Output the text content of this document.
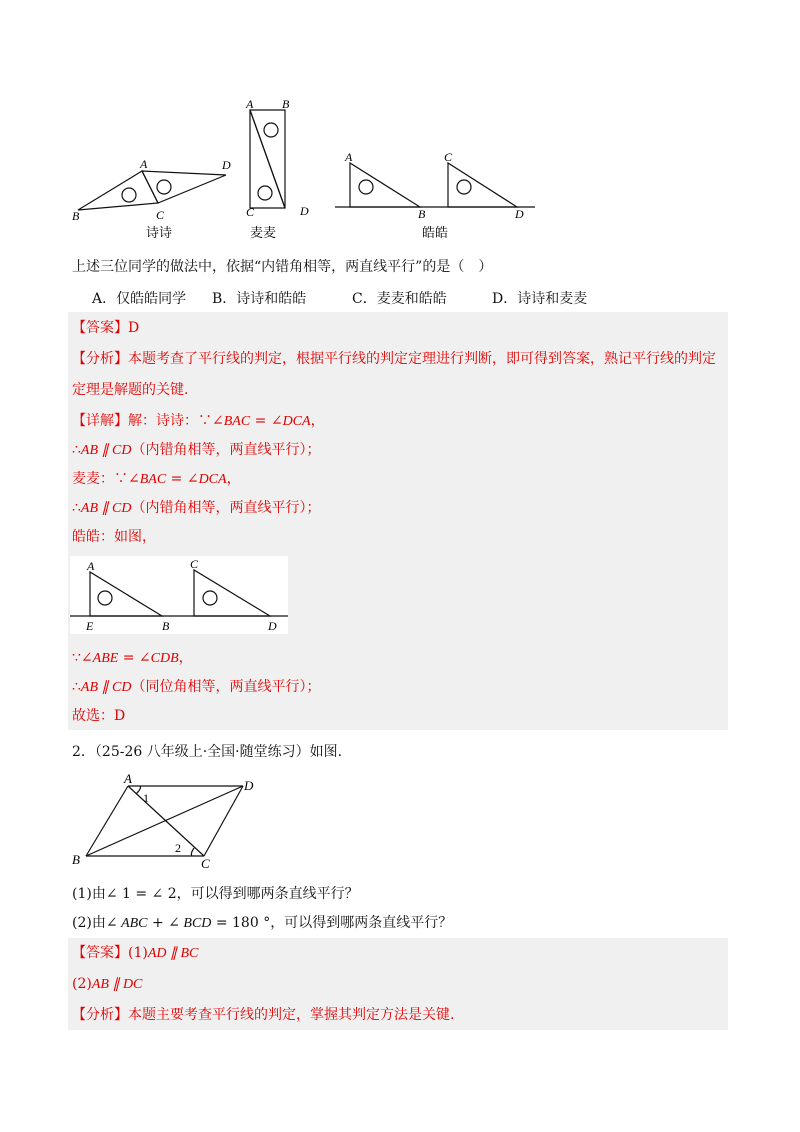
A
B	C
D
诗诗
A B
C	D
麦麦
A
B
C
D
皓皓
上述三位同学的做法中，依据“内错角相等，两直线平行”的是（　）
A．仅皓皓同学 B．诗诗和皓皓	C．麦麦和皓皓	D．诗诗和麦麦
【答案】D
【分析】本题考查了平行线的判定，根据平行线的判定定理进行判断，即可得到答案，熟记平行线的判定
定理是解题的关键.
【详解】解：诗诗：∵∠BAC = ∠DCA，
∴AB ∥ CD（内错角相等，两直线平行）；
麦麦：∵∠BAC = ∠DCA，
∴AB ∥ CD（内错角相等，两直线平行）；
皓皓：如图，
A	C
E	B	D
∵∠ABE = ∠CDB，
∴AB ∥ CD（同位角相等，两直线平行）；
故选：D
2．（25-26 八年级上·全国·随堂练习）如图.
A
B	C
D
1
2
(1)由∠ 1 = ∠ 2，可以得到哪两条直线平行？
(2)由∠ ABC + ∠ BCD = 180 °，可以得到哪两条直线平行？
【答案】(1)AD ∥ BC
(2)AB ∥ DC
【分析】本题主要考查平行线的判定，掌握其判定方法是关键.
